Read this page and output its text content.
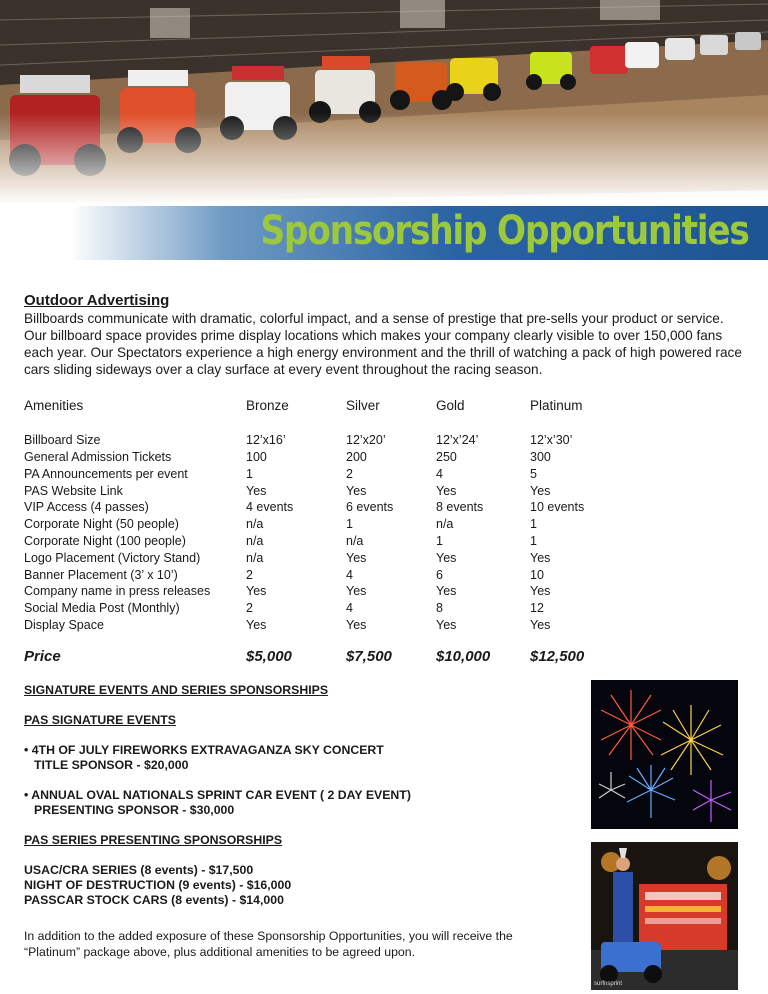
Sponsorship Opportunities
Outdoor Advertising

Billboards communicate with dramatic, colorful impact, and a sense of prestige that pre-sells your product or service. Our billboard space provides prime display locations which makes your company clearly visible to over 150,000 fans each year. Our Spectators experience a high energy environment and the thrill of watching a pack of high powered race cars sliding sideways over a clay surface at every event throughout the racing season.

Amenities	Bronze	Silver	Gold	Platinum

Billboard Size	12’x16’	12’x20’	12’x’24’	12’x’30’
General Admission Tickets	100	200	250	300
PA Announcements per event	1	2	4	5
PAS Website Link	Yes	Yes	Yes	Yes
VIP Access (4 passes)	4 events	6 events	8 events	10 events
Corporate Night (50 people)	n/a	1	n/a	1
Corporate Night (100 people)	n/a	n/a	1	1
Logo Placement (Victory Stand)	n/a	Yes	Yes	Yes
Banner Placement (3’ x 10’)	2	4	6	10
Company name in press releases	Yes	Yes	Yes	Yes
Social Media Post (Monthly)	2	4	8	12
Display Space	Yes	Yes	Yes	Yes
Price	$5,000	$7,500	$10,000	$12,500

SIGNATURE EVENTS AND SERIES SPONSORSHIPS

PAS SIGNATURE EVENTS

• 4TH OF JULY FIREWORKS EXTRAVAGANZA SKY CONCERT

TITLE SPONSOR - $20,000

• ANNUAL OVAL NATIONALS SPRINT CAR EVENT ( 2 DAY EVENT)

PRESENTING SPONSOR - $30,000

PAS SERIES PRESENTING SPONSORSHIPS

USAC/CRA SERIES (8 events) - $17,500

NIGHT OF DESTRUCTION (9 events) - $16,000

PASSCAR STOCK CARS (8 events) - $14,000

In addition to the added exposure of these Sponsorship Opportunities, you will receive the “Platinum” package above, plus additional amenities to be agreed upon.

surfnsprint
